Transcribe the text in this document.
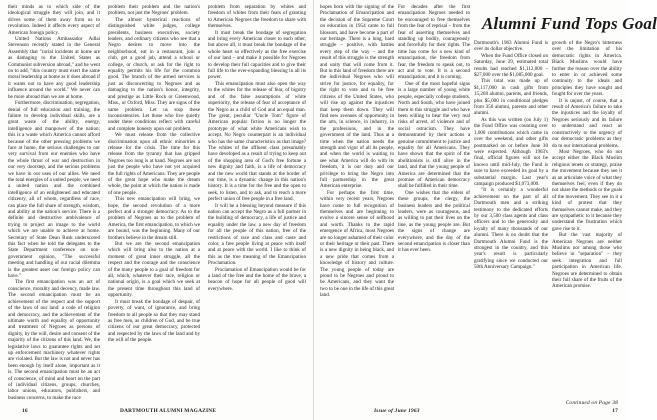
their minds as to which side of the ideological struggle they will join, and it drives some of them away from us to revolution. Indeed it affects every aspect of American foreign policy.

United Nations Ambassador Adlai Stevenson recently stated in the General Assembly that "racial incidents at home are as damaging to the United States as Communist subversion abroad," and he went on to add, "this country must exert the same moral leadership at home as it does abroad if it wants not to have any good leadership influence around the world." We never can be more abroad than we are at home.

Furthermore, discrimination, segregation, denial of full education and training, the failure to develop individual skills, are a great waste of the ability, energy, intelligence and manpower of the nation; this is a waste which America cannot afford because of the other pressing problems we face at home, the serious challenges to our very survival from our enemies who have the whole thrust of war and destruction in our very doorstep, and the serious problems we have in our uses of our allies. We need the total energies of a united people, we need a united nation and the combined intelligence of an enlightened and educated citizenry, all of whom, regardless of race, can place the full share of strength, wisdom, and ability at the nation's service. There is a definite and destructive ambivalence of trying to project an image to the world which we are unable to achieve at home. Secretary of State Dean Rusk underscored this fact when he told the delegates to the State Department conference on non-government opinion, "The successful meeting and handling of our racial dilemma is the greatest asset our foreign policy can have."

The first emancipation was an act of conscience, morality and decency, made law. The second emancipation must be an achievement of the respect and the support of the laws of our land: a code of religion and democracy, and the achievement of the ultimate worth and equality of opportunity and treatment of Negroes as persons of dignity, by the will, desire and consent of the majority of the citizens of this land. We, the legislative laws to guarantee rights and set up enforcement machinery whatever rights are violated. But the law is not and never has been enough by itself alone, important as it is. The second emancipation must be an act of conscience, of mind and heart on the part of individual citizens, groups, churches, labor unions, educators, publishers, and business concerns, to make the race

problem their problem and the nation's problem, not just the Negroes' problem.

The almost hysterical reactions of distinguished white judges, college presidents, business executives, society leaders, and ordinary citizens who see that a Negro desires to move into the neighborhood, eat in a restaurant, join a club, get a good job, attend a school or college, or church, or ask for the right to equality permits his life for the common good. The branch of the armed services is just as disconcerting to Negroes and as damaging to the nation's honor, integrity, and prestige as Little Rock or Greenwood, Miss., or Oxford, Miss. They are signs of the same problem. Let us stop these inconsistencies. Let those who live quietly under these conditions reflect with careful and complete honesty upon our problem.

We must release from the collective discrimination upon all ethnic minorities a release for the crisis. The time for this release from the tyranny that has gripped Negroes too long is at hand. Negroes are not just the people who have not yet acquired the full rights of Americans. They are people of the great hope who make the dream whole, the point at which the nation is made of one people.

This new emancipation will bring, we hope, the second revolution of a more perfect and a stronger democracy. As to the problem of Negroes as to the problem of America, the first emancipation, to which we are bound, was the beginning. Many of our brothers believe in the dream still.

But we are the second emancipation which will bring also to the nation at a moment of great inner struggle, all the respect and the courage and the conscience of the many people to a goal of freedom for all, which, whatever their race, religion or national origin, is a goal which we seek at the present time throughout this land of opportunity.

It must break the bondage of despair, of poverty, of want, of ignorance, and bring freedom to all people so that they may stand as free men, as children of God, and be true citizens of our great democracy, protected and respected by the laws of the land and by the will of the people.

problem from separation by whites and freedom of whites from their fears of granting to American Negroes the freedom to share with themselves.

It must break the bondage of segregation and bring every American closer to each other, but above all, it must break the bondage of the whole heart so effectively as the free exercise of our land – and make it possible for Negroes to develop their full capacities and to give their full life to the ever-expanding blessing in all its power.

This emancipation must also open the way to the whites for the release of fear, of bigotry and of the false assumptions of white superiority, the release of fear of acceptance of the Negro as a child of God and an equal man. The great, peculiar "Uncle Tom" figure of American popular fiction is no longer the prototype of what white Americans wish to accept. No Negro counterpart is an individual who has the same characteristics as that image? The whites of the affluent class presumably have developed as a result of trying to keep out of the shopping area of God's free fortune a new dignity and faith, is a life of democracy and the new world that stands at the border of our time, is a dynamic change in this nation's history. It is a time for the free and the open to seek, to listen, and to ask, and to reach a more perfect union of free people in a free land.

It will be a blessing beyond measure if this nation can accept the Negro as a full partner in the building of democracy, a life of justice and equality under the law, a new day of freedom for all the people of this nation, free of the restrictions of race and class and caste and color, a free people living at peace with itself and at peace with the world. I like to think of this as the true meaning of the Emancipation Proclamation.

Proclamation of Emancipation would be for a land of the free and the home of the brave, a beacon of hope for all people of good will everywhere.

16	DARTMOUTH ALUMNI MAGAZINE

hopes born with the signing of the Proclamation of Emancipation and the decision of the Supreme Court on education in 1954 came to full blossom, and have become a part of our heritage. There is a long, hard struggle – positive, with battles every step of the way – and the result of this struggle is the strength and unity that will come from it. But in this land of freedom there are the individual Negroes who will strive for justice, for equality, for the right to vote and to be free citizens of the United States, who will rise up against the injustices that keep them down. They will find new avenues of opportunity in the arts, in science, in industry, in the professions, and in the government of the land. Thus at a time when the nation needs the strength and vigor of all its people, and when the world is waiting to see what America will do with its freedom, it is our duty and our privilege to bring the Negro into full partnership in the great American enterprise.

For perhaps the first time, within very recent years, Negroes have come to full recognition of themselves and are beginning to evolve a sincere sense of selfhood and worth. Thanks to the rapid emergence of Africa, most Negroes are no longer ashamed of their color or their heritage or their past. There is a new dignity in being black, and a new pride that comes from a knowledge of history and culture. The young people of today are proud to be Negroes and proud to be Americans, and they want the two to be one in the life of this great land.

For decades after the first emancipation Negroes needed to be encouraged to free themselves from the fear of reprisal – from the fear of asserting themselves and standing up bodily, courageously and forcefully for their rights. The time has come for a new kind of emancipation, the freedom from fear, the freedom to speak out, to act and to vote. It is a second emancipation, and it is coming.

One of the most hopeful signs is a large number of young white people, especially college students, North and South, who have joined them in this struggle and who have been willing to bear the very real risks of arrest, of violence and of social ostracism. They have demonstrated by their actions a genuine commitment to justice and equality for all Americans. They have shown that the spirit of the abolitionists is still alive in the land, and that the young people of America are determined that the promise of American democracy shall be fulfilled in their time.

One wishes that the elders of these groups, the clergy, the business leaders and the political leaders, were as courageous, and as willing to put their lives on the line, as the young people are. But the signs of change are everywhere, and the day of the second emancipation is closer than it has ever been.

Alumni Fund Tops Goal

Dartmouth's 1963 Alumni Fund is over its dollar objective.

When the Fund Office closed on Saturday, June 29, estimated total results had reached $1,112,000 – $27,000 over the $1,085,000 goal.

This total was made up of $1,117,000 in cash gifts from 15,268 alumni, parents, and friends, plus $5,000 in conditional pledges from 356 alumni, parents and other alumni.

As this was written (on July 1) the Fund Office was counting over 1,000 contributions which came in over the weekend, and other gifts postmarked on or before June 30 were expected. Although 1963's final, official figures will not be known until mid-July, the Fund is sure to have exceeded its goal by a substantial margin. Last year's campaign produced $1,073,000.

"It is certainly a wonderful achievement on the part of all Dartmouth men and a striking testimony to the dedicated efforts by our 3,500 class agents and class officers and to the generosity and loyalty of many thousands of our alumni. There is no doubt that the Dartmouth Alumni Fund is the strongest in the country, and this year's result is particularly gratifying since we conducted our 50th Anniversary Campaign."

growth of the Negro's bitterness over the limitation of his democratic rights in America. Black Muslims would have further the reason over the ability to enter in or achieved some continuity to the ideals and principles they have sought and fought for over the years.

It is unjust, of course, that a result of America's failure to take the injustices and the loyalty of Negroes seriously and its failure to understand and react as constructively to the urgency of our democratic problems as they do to our international problems.

Most Negroes, who do not accept either the Black Muslim religious tenets or strategy, praise the movement because they see it as an articulate voice of what they themselves feel, even if they do not share the methods or the goals of the movement. They see in it a kind of protest that they themselves cannot make, and they are sympathetic to it because they understand the frustration which gave rise to it.

But the vast majority of American Negroes are neither Muslims nor among those who believe in "separation" – they seek integration and full participation in American life. Negroes are determined to obtain their full share of the fruits of the American promise.

Continued on Page 38
Issue of June 1963	17
